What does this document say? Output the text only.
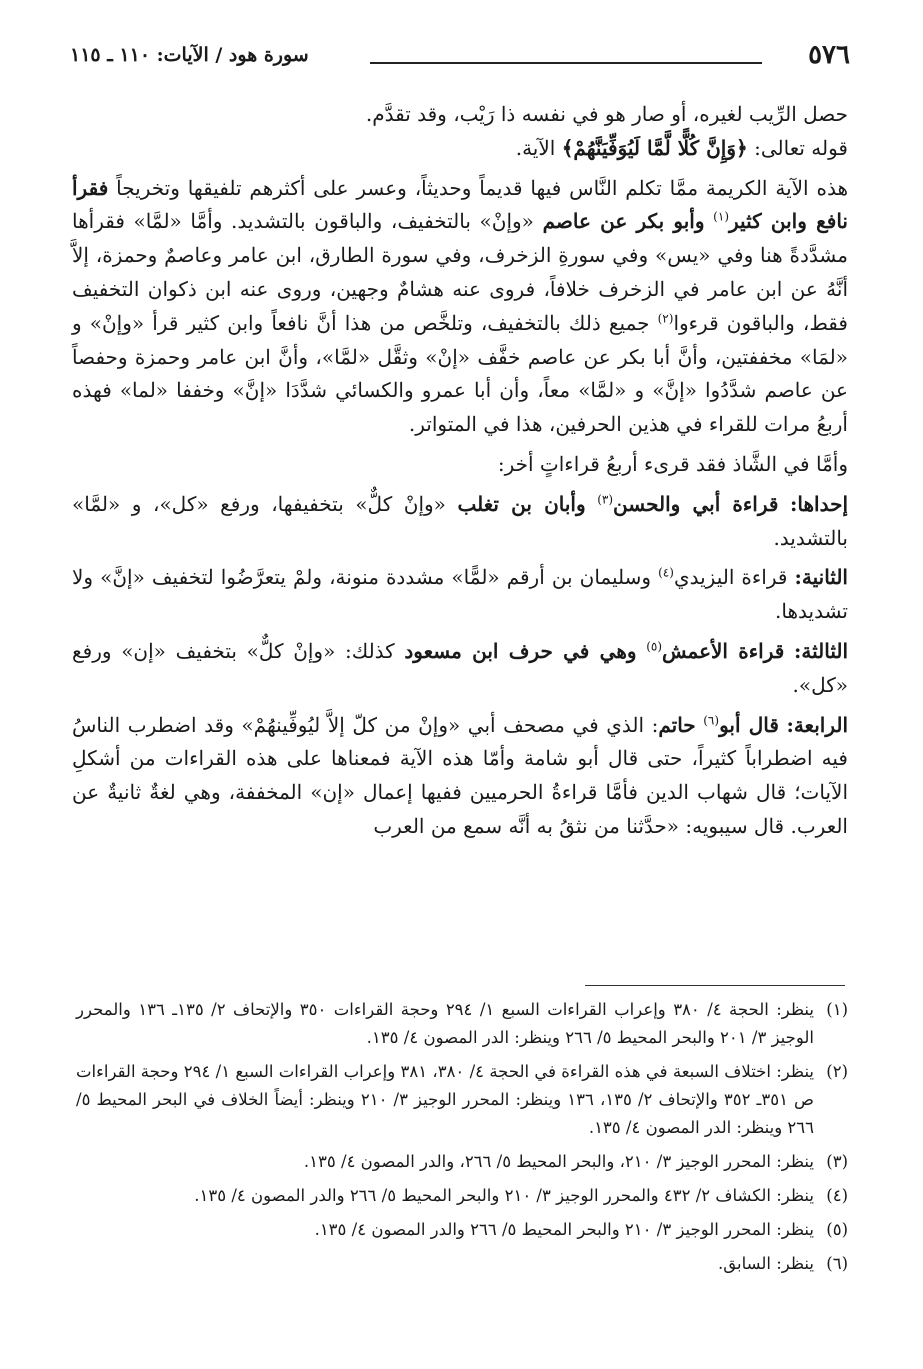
٥٧٦
سورة هود / الآيات: ١١٠ ـ ١١٥

حصل الرِّيب لغيره، أو صار هو في نفسه ذا رَيْب، وقد تقدَّم.

قوله تعالى: ﴿وَإِنَّ كُلًّا لَّمَّا لَيُوَفِّيَنَّهُمْ﴾ الآية.

هذه الآية الكريمة ممَّا تكلم النَّاس فيها قديماً وحديثاً، وعسر على أكثرهم تلفيقها وتخريجاً فقرأ نافع وابن كثير$^{(١)}$ وأبو بكر عن عاصم «وإنْ» بالتخفيف، والباقون بالتشديد. وأمَّا «لمَّا» فقرأها مشدَّدةً هنا وفي «يس» وفي سورةِ الزخرف، وفي سورة الطارق، ابن عامر وعاصمٌ وحمزة، إلاَّ أنَّهُ عن ابن عامر في الزخرف خلافاً، فروى عنه هشامٌ وجهين، وروى عنه ابن ذكوان التخفيف فقط، والباقون قرءوا$^{(٢)}$ جميع ذلك بالتخفيف، وتلخَّص من هذا أنَّ نافعاً وابن كثير قرأ «وإنْ» و «لمَا» مخففتين، وأنَّ أبا بكر عن عاصم خفَّف «إنْ» وثقَّل «لمَّا»، وأنَّ ابن عامر وحمزة وحفصاً عن عاصم شدَّدُوا «إنَّ» و «لمَّا» معاً، وأن أبا عمرو والكسائي شدَّدَا «إنَّ» وخففا «لما» فهذه أربعُ مرات للقراء في هذين الحرفين، هذا في المتواتر.

وأمَّا في الشَّاذ فقد قرىء أربعُ قراءاتٍ أخر:

إحداها: قراءة أبي والحسن$^{(٣)}$ وأبان بن تغلب «وإنْ كلٌّ» بتخفيفها، ورفع «كل»، و «لمَّا» بالتشديد.

الثانية: قراءة اليزيدي$^{(٤)}$ وسليمان بن أرقم «لمًّا» مشددة منونة، ولمْ يتعرَّضُوا لتخفيف «إنَّ» ولا تشديدها.

الثالثة: قراءة الأعمش$^{(٥)}$ وهي في حرف ابن مسعود كذلك: «وإنْ كلٌّ» بتخفيف «إن» ورفع «كل».

الرابعة: قال أبو$^{(٦)}$ حاتم: الذي في مصحف أبي «وإنْ من كلّ إلاَّ ليُوفِّينهُمْ» وقد اضطرب الناسُ فيه اضطراباً كثيراً، حتى قال أبو شامة وأمّا هذه الآية فمعناها على هذه القراءات من أشكلِ الآيات؛ قال شهاب الدين فأمَّا قراءةُ الحرميين ففيها إعمال «إن» المخففة، وهي لغةٌ ثانيةٌ عن العرب. قال سيبويه: «حدَّثنا من نثقُ به أنَّه سمع من العرب

(١)
ينظر: الحجة ٤/ ٣٨٠ وإعراب القراءات السبع ١/ ٢٩٤ وحجة القراءات ٣٥٠ والإتحاف ٢/ ١٣٥ـ ١٣٦ والمحرر الوجيز ٣/ ٢٠١ والبحر المحيط ٥/ ٢٦٦ وينظر: الدر المصون ٤/ ١٣٥.

(٢)
ينظر: اختلاف السبعة في هذه القراءة في الحجة ٤/ ٣٨٠، ٣٨١ وإعراب القراءات السبع ١/ ٢٩٤ وحجة القراءات ص ٣٥١ـ ٣٥٢ والإتحاف ٢/ ١٣٥، ١٣٦ وينظر: المحرر الوجيز ٣/ ٢١٠ وينظر: أيضاً الخلاف في البحر المحيط ٥/ ٢٦٦ وينظر: الدر المصون ٤/ ١٣٥.

(٣)
ينظر: المحرر الوجيز ٣/ ٢١٠، والبحر المحيط ٥/ ٢٦٦، والدر المصون ٤/ ١٣٥.

(٤)
ينظر: الكشاف ٢/ ٤٣٢ والمحرر الوجيز ٣/ ٢١٠ والبحر المحيط ٥/ ٢٦٦ والدر المصون ٤/ ١٣٥.

(٥)
ينظر: المحرر الوجيز ٣/ ٢١٠ والبحر المحيط ٥/ ٢٦٦ والدر المصون ٤/ ١٣٥.

(٦)
ينظر: السابق.
